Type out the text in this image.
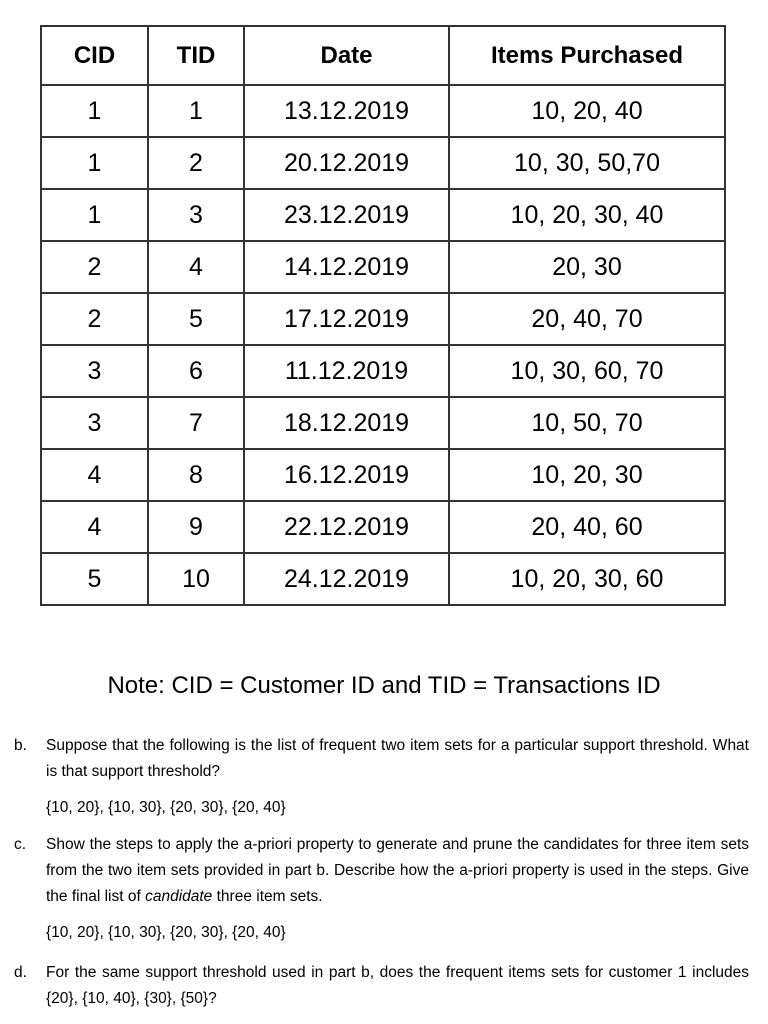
CID	TID	Date	Items Purchased
1	1	13.12.2019	10, 20, 40
1	2	20.12.2019	10, 30, 50,70
1	3	23.12.2019	10, 20, 30, 40
2	4	14.12.2019	20, 30
2	5	17.12.2019	20, 40, 70
3	6	11.12.2019	10, 30, 60, 70
3	7	18.12.2019	10, 50, 70
4	8	16.12.2019	10, 20, 30
4	9	22.12.2019	20, 40, 60
5	10	24.12.2019	10, 20, 30, 60
Note: CID = Customer ID and TID = Transactions ID
b. Suppose that the following is the list of frequent two item sets for a particular support threshold. What is that support threshold?
{10, 20}, {10, 30}, {20, 30}, {20, 40}
c. Show the steps to apply the a-priori property to generate and prune the candidates for three item sets from the two item sets provided in part b. Describe how the a-priori property is used in the steps. Give the final list of candidate three item sets.
{10, 20}, {10, 30}, {20, 30}, {20, 40}
d. For the same support threshold used in part b, does the frequent items sets for customer 1 includes {20}, {10, 40}, {30}, {50}?
